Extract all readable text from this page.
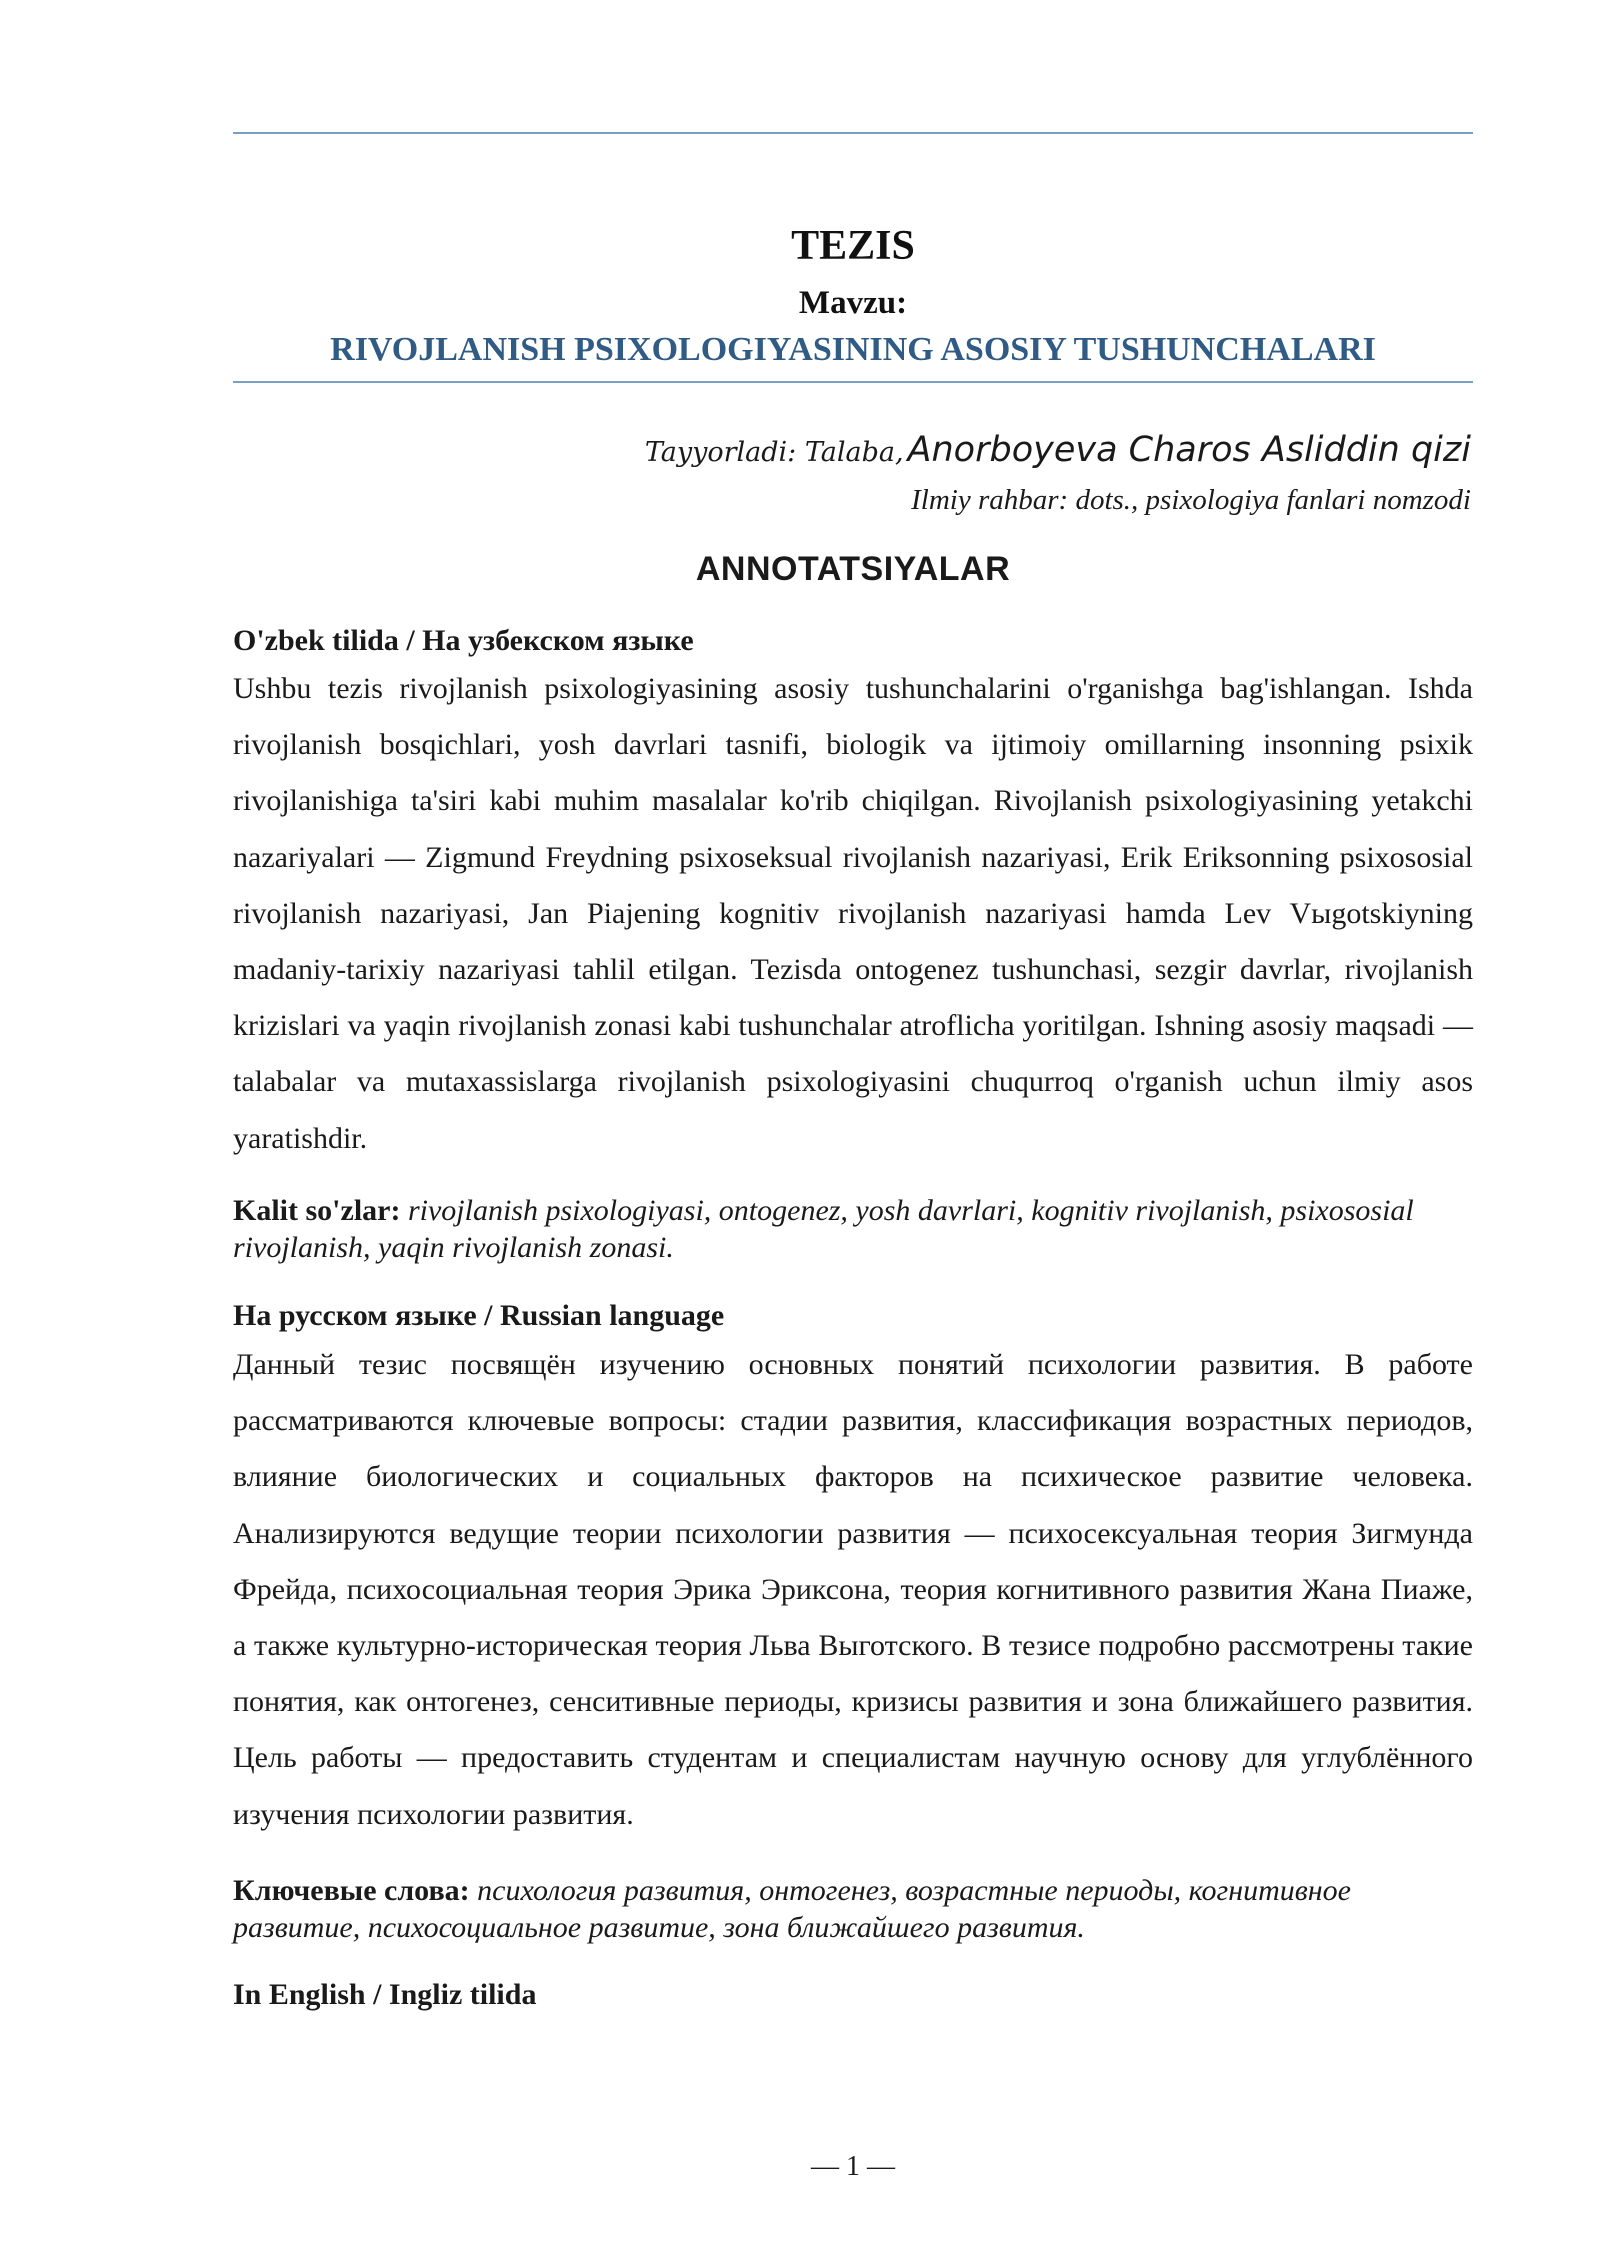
TEZIS
Mavzu:
RIVOJLANISH PSIXOLOGIYASINING ASOSIY TUSHUNCHALARI
Tayyorladi: Talaba, Anorboyeva Charos Asliddin qizi
Ilmiy rahbar: dots., psixologiya fanlari nomzodi
ANNOTATSIYALAR
O'zbek tilida / На узбекском языке

Ushbu tezis rivojlanish psixologiyasining asosiy tushunchalarini o'rganishga bag'ishlangan. Ishda rivojlanish bosqichlari, yosh davrlari tasnifi, biologik va ijtimoiy omillarning insonning psixik rivojlanishiga ta'siri kabi muhim masalalar ko'rib chiqilgan. Rivojlanish psixologiyasining yetakchi nazariyalari — Zigmund Freydning psixoseksual rivojlanish nazariyasi, Erik Eriksonning psixososial rivojlanish nazariyasi, Jan Piajening kognitiv rivojlanish nazariyasi hamda Lev Vыgotskiyning madaniy-tarixiy nazariyasi tahlil etilgan. Tezisda ontogenez tushunchasi, sezgir davrlar, rivojlanish krizislari va yaqin rivojlanish zonasi kabi tushunchalar atroflicha yoritilgan. Ishning asosiy maqsadi — talabalar va mutaxassislarga rivojlanish psixologiyasini chuqurroq o'rganish uchun ilmiy asos yaratishdir.

Kalit so'zlar: rivojlanish psixologiyasi, ontogenez, yosh davrlari, kognitiv rivojlanish, psixososial rivojlanish, yaqin rivojlanish zonasi.
На русском языке / Russian language

Данный тезис посвящён изучению основных понятий психологии развития. В работе рассматриваются ключевые вопросы: стадии развития, классификация возрастных периодов, влияние биологических и социальных факторов на психическое развитие человека. Анализируются ведущие теории психологии развития — психосексуальная теория Зигмунда Фрейда, психосоциальная теория Эрика Эриксона, теория когнитивного развития Жана Пиаже, а также культурно-историческая теория Льва Выготского. В тезисе подробно рассмотрены такие понятия, как онтогенез, сенситивные периоды, кризисы развития и зона ближайшего развития. Цель работы — предоставить студентам и специалистам научную основу для углублённого изучения психологии развития.

Ключевые слова: психология развития, онтогенез, возрастные периоды, когнитивное развитие, психосоциальное развитие, зона ближайшего развития.
In English / Ingliz tilida
— 1 —
